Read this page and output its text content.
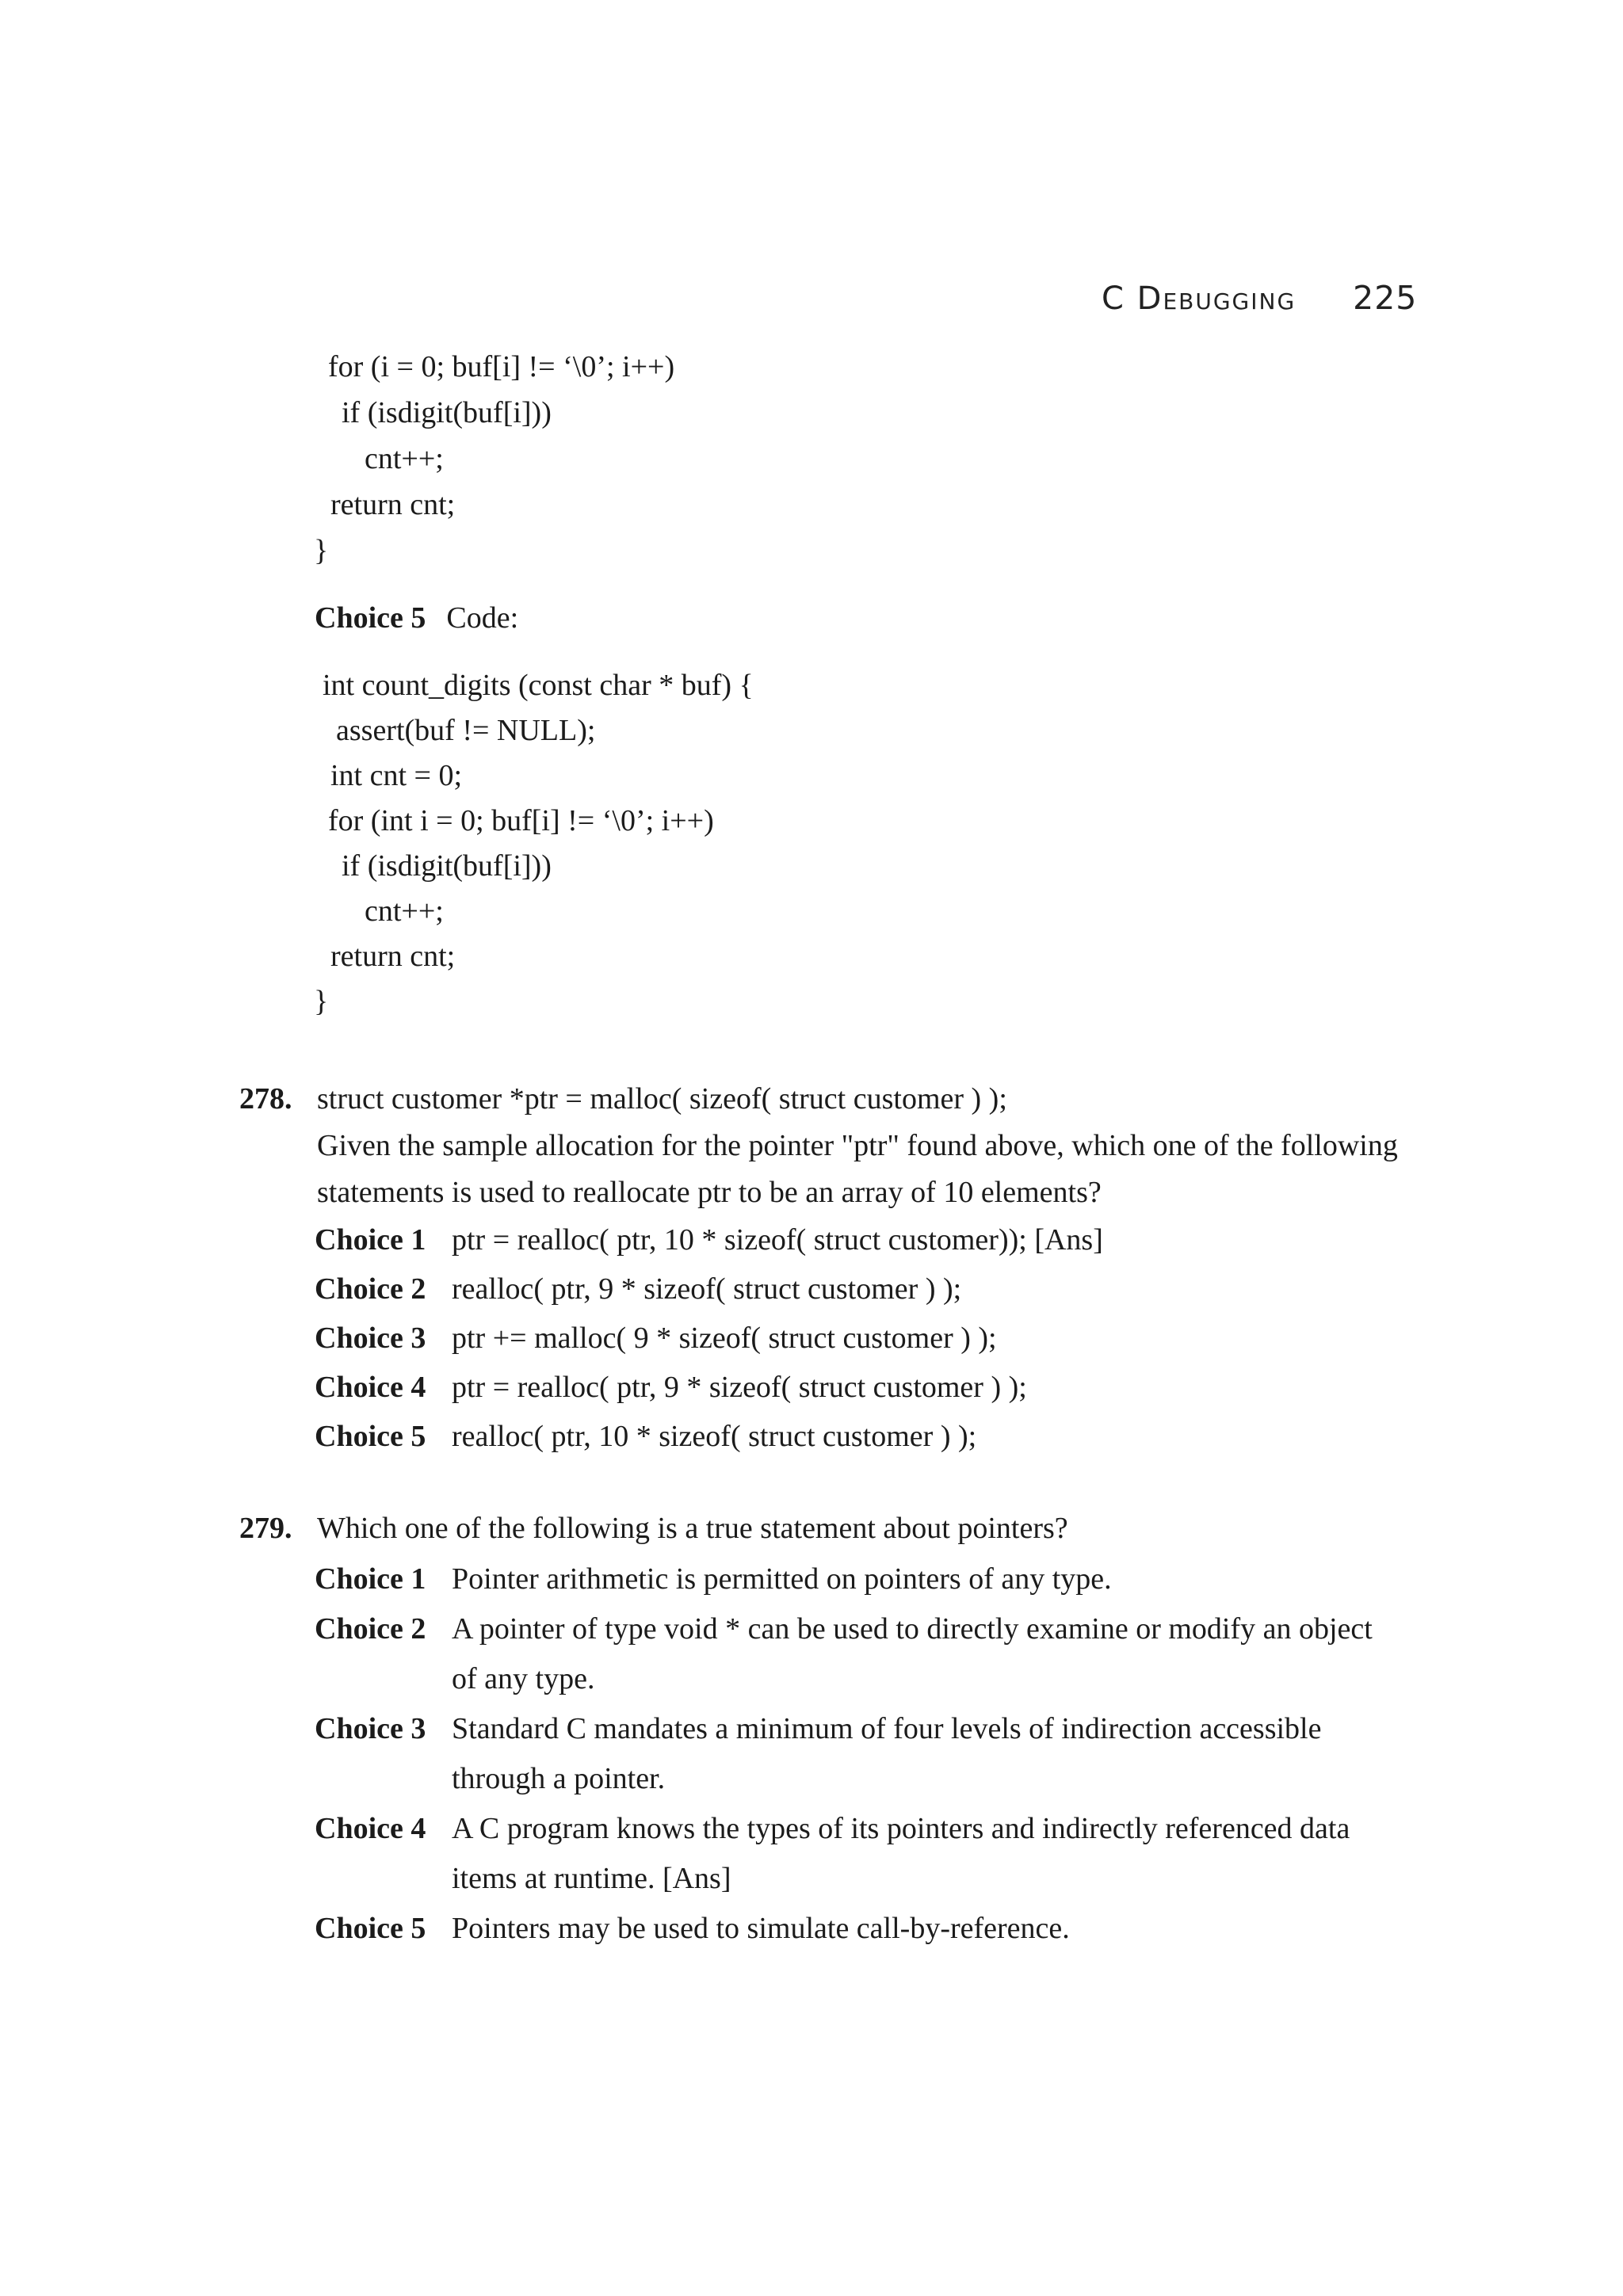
C Debugging 225
for (i = 0; buf[i] != ‘\0’; i++)
if (isdigit(buf[i]))
cnt++;
return cnt;
}
Choice 5 Code:
int count_digits (const char * buf) {
assert(buf != NULL);
int cnt = 0;
for (int i = 0; buf[i] != ‘\0’; i++)
if (isdigit(buf[i]))
cnt++;
return cnt;
}
278. struct customer *ptr = malloc( sizeof( struct customer ) );
Given the sample allocation for the pointer "ptr" found above, which one of the following
statements is used to reallocate ptr to be an array of 10 elements?
Choice 1 ptr = realloc( ptr, 10 * sizeof( struct customer)); [Ans]
Choice 2 realloc( ptr, 9 * sizeof( struct customer ) );
Choice 3 ptr += malloc( 9 * sizeof( struct customer ) );
Choice 4 ptr = realloc( ptr, 9 * sizeof( struct customer ) );
Choice 5 realloc( ptr, 10 * sizeof( struct customer ) );
279. Which one of the following is a true statement about pointers?
Choice 1 Pointer arithmetic is permitted on pointers of any type.
Choice 2 A pointer of type void * can be used to directly examine or modify an object
of any type.
Choice 3 Standard C mandates a minimum of four levels of indirection accessible
through a pointer.
Choice 4 A C program knows the types of its pointers and indirectly referenced data
items at runtime. [Ans]
Choice 5 Pointers may be used to simulate call-by-reference.
